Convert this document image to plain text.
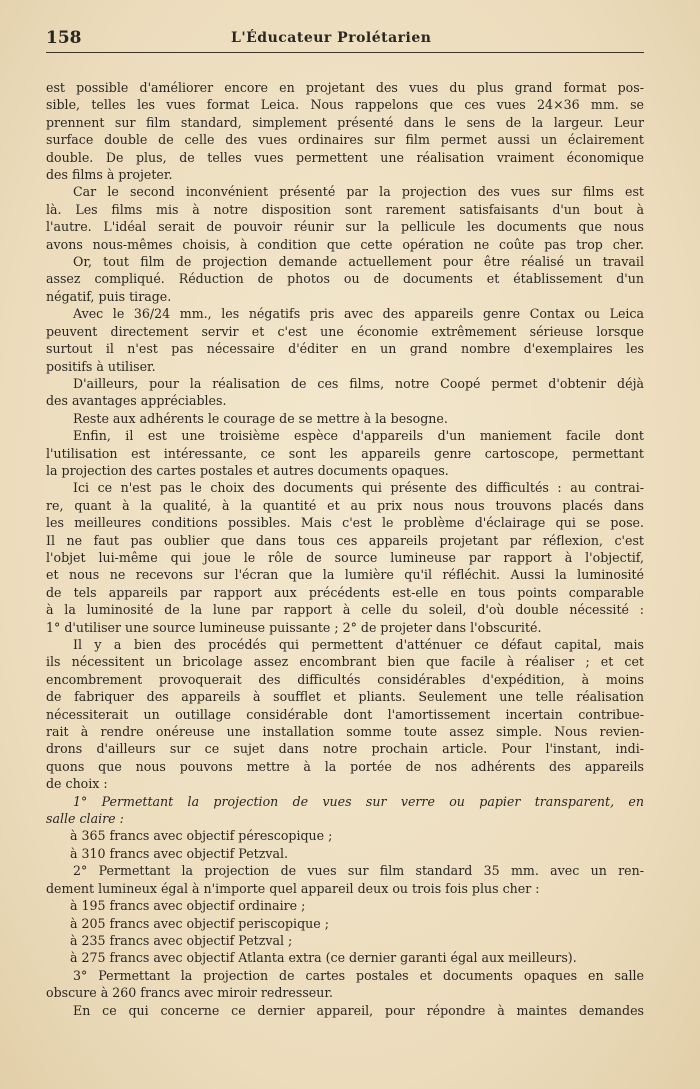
158	L'Éducateur Prolétarien
est possible d'améliorer encore en projetant des vues du plus grand format pos-
sible, telles les vues format Leica. Nous rappelons que ces vues 24×36 mm. se
prennent sur film standard, simplement présenté dans le sens de la largeur. Leur
surface double de celle des vues ordinaires sur film permet aussi un éclairement
double. De plus, de telles vues permettent une réalisation vraiment économique
des films à projeter.
Car le second inconvénient présenté par la projection des vues sur films est
là. Les films mis à notre disposition sont rarement satisfaisants d'un bout à
l'autre. L'idéal serait de pouvoir réunir sur la pellicule les documents que nous
avons nous-mêmes choisis, à condition que cette opération ne coûte pas trop cher.
Or, tout film de projection demande actuellement pour être réalisé un travail
assez compliqué. Réduction de photos ou de documents et établissement d'un
négatif, puis tirage.
Avec le 36/24 mm., les négatifs pris avec des appareils genre Contax ou Leica
peuvent directement servir et c'est une économie extrêmement sérieuse lorsque
surtout il n'est pas nécessaire d'éditer en un grand nombre d'exemplaires les
positifs à utiliser.
D'ailleurs, pour la réalisation de ces films, notre Coopé permet d'obtenir déjà
des avantages appréciables.
Reste aux adhérents le courage de se mettre à la besogne.
Enfin, il est une troisième espèce d'appareils d'un maniement facile dont
l'utilisation est intéressante, ce sont les appareils genre cartoscope, permettant
la projection des cartes postales et autres documents opaques.
Ici ce n'est pas le choix des documents qui présente des difficultés : au contrai-
re, quant à la qualité, à la quantité et au prix nous nous trouvons placés dans
les meilleures conditions possibles. Mais c'est le problème d'éclairage qui se pose.
Il ne faut pas oublier que dans tous ces appareils projetant par réflexion, c'est
l'objet lui-même qui joue le rôle de source lumineuse par rapport à l'objectif,
et nous ne recevons sur l'écran que la lumière qu'il réfléchit. Aussi la luminosité
de tels appareils par rapport aux précédents est-elle en tous points comparable
à la luminosité de la lune par rapport à celle du soleil, d'où double nécessité :
1° d'utiliser une source lumineuse puissante ; 2° de projeter dans l'obscurité.
Il y a bien des procédés qui permettent d'atténuer ce défaut capital, mais
ils nécessitent un bricolage assez encombrant bien que facile à réaliser ; et cet
encombrement provoquerait des difficultés considérables d'expédition, à moins
de fabriquer des appareils à soufflet et pliants. Seulement une telle réalisation
nécessiterait un outillage considérable dont l'amortissement incertain contribue-
rait à rendre onéreuse une installation somme toute assez simple. Nous revien-
drons d'ailleurs sur ce sujet dans notre prochain article. Pour l'instant, indi-
quons que nous pouvons mettre à la portée de nos adhérents des appareils
de choix :
1° Permettant la projection de vues sur verre ou papier transparent, en
salle claire :
à 365 francs avec objectif pérescopique ;
à 310 francs avec objectif Petzval.
2° Permettant la projection de vues sur film standard 35 mm. avec un ren-
dement lumineux égal à n'importe quel appareil deux ou trois fois plus cher :
à 195 francs avec objectif ordinaire ;
à 205 francs avec objectif periscopique ;
à 235 francs avec objectif Petzval ;
à 275 francs avec objectif Atlanta extra (ce dernier garanti égal aux meilleurs).
3° Permettant la projection de cartes postales et documents opaques en salle
obscure à 260 francs avec miroir redresseur.
En ce qui concerne ce dernier appareil, pour répondre à maintes demandes
